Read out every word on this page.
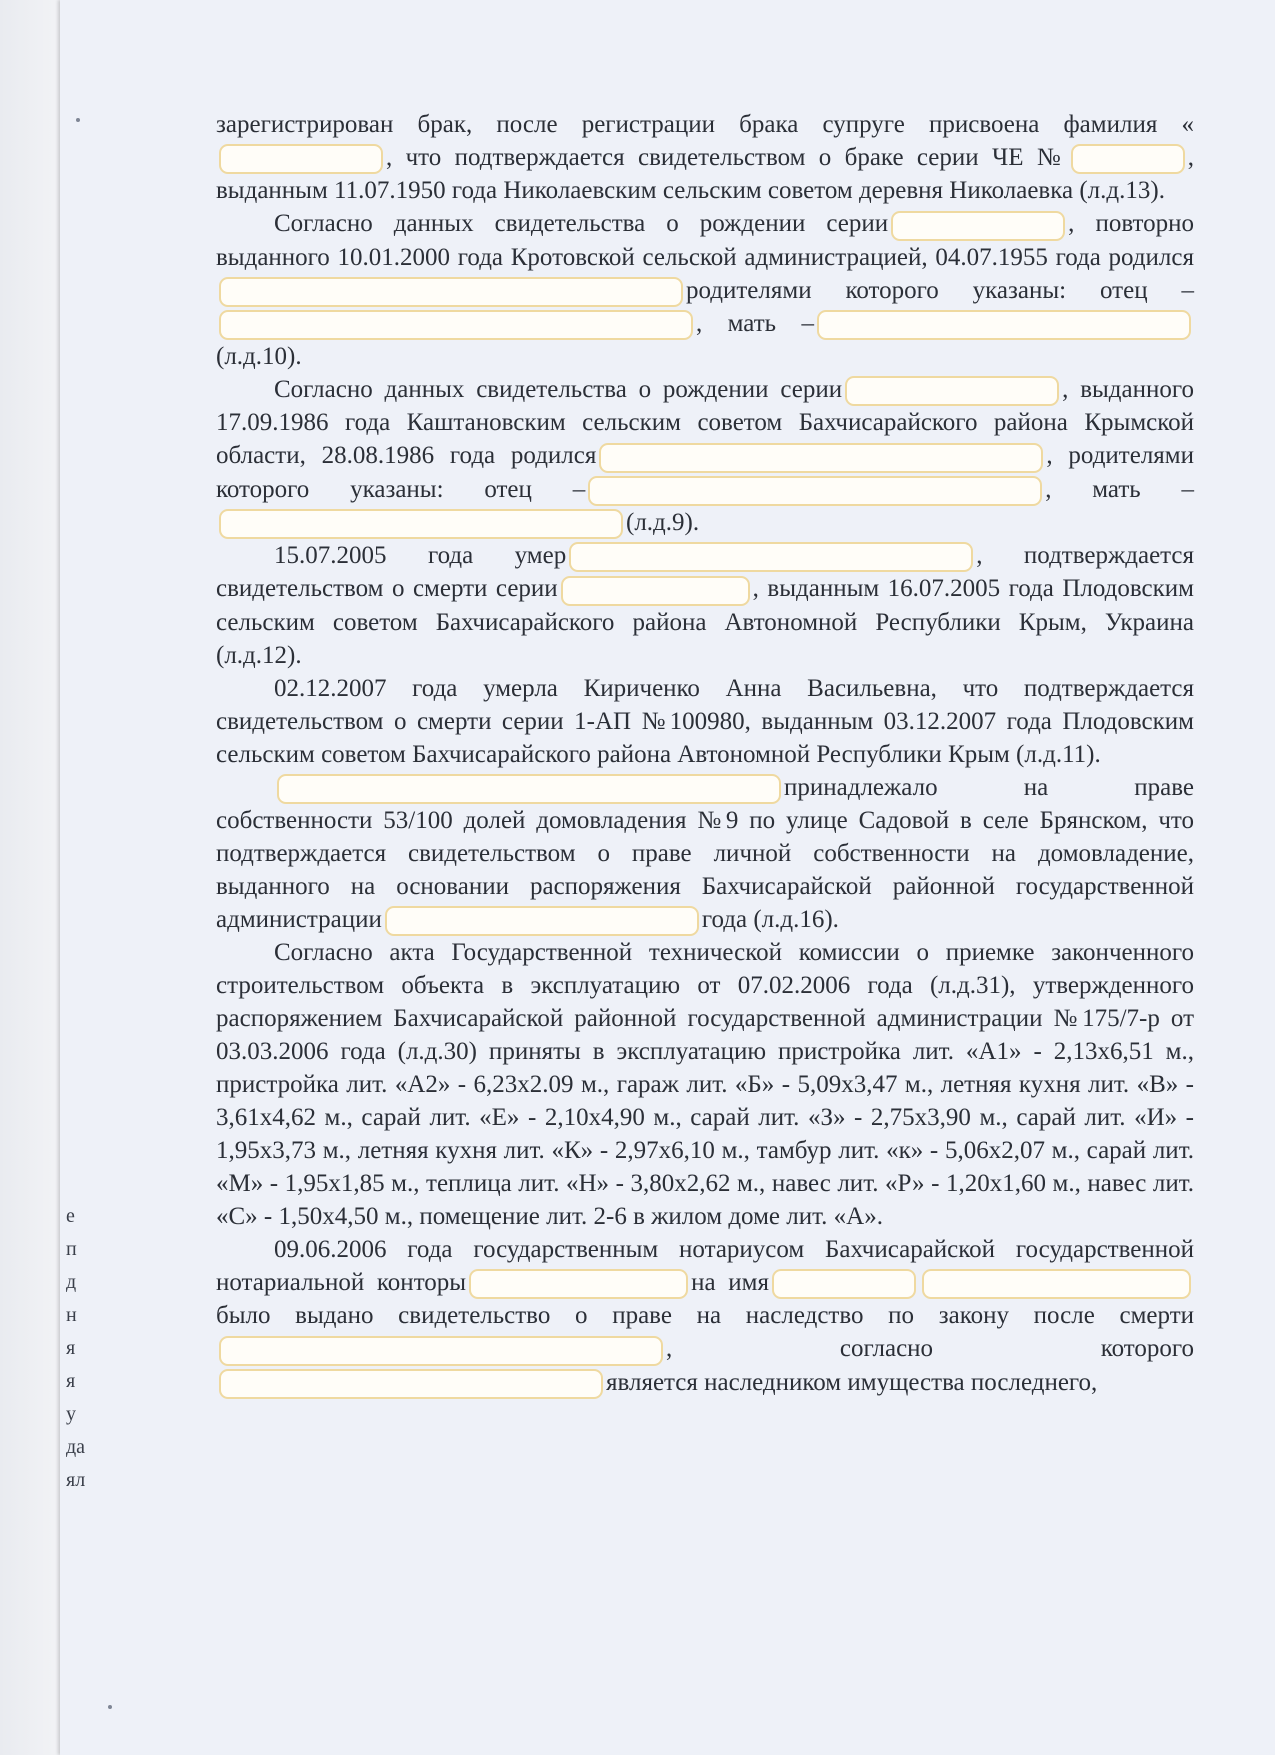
е
п
д
н
я
я
у
да
ял

зарегистрирован брак, после регистрации брака супруге присвоена фамилия «, что подтверждается свидетельством о браке серии ЧЕ №	, выданным 11.07.1950 года Николаевским сельским советом деревня Николаевка (л.д.13).

Согласно данных свидетельства о рождении серии	, повторно выданного 10.01.2000 года Кротовской сельской администрацией, 04.07.1955 года родилсяродителями которого указаны: отец –, мать –(л.д.10).

Согласно данных свидетельства о рождении серии	, выданного 17.09.1986 года Каштановским сельским советом Бахчисарайского района Крымской области, 28.08.1986 года родился	, родителями которого указаны: отец –	, мать –(л.д.9).

15.07.2005 года умер	, подтверждается свидетельством о смерти серии	, выданным 16.07.2005 года Плодовским сельским советом Бахчисарайского района Автономной Республики Крым, Украина (л.д.12).

02.12.2007 года умерла Кириченко Анна Васильевна, что подтверждается свидетельством о смерти серии 1-АП №100980, выданным 03.12.2007 года Плодовским сельским советом Бахчисарайского района Автономной Республики Крым (л.д.11).

принадлежало на праве собственности 53/100 долей домовладения №9 по улице Садовой в селе Брянском, что подтверждается свидетельством о праве личной собственности на домовладение, выданного на основании распоряжения Бахчисарайской районной государственной администрации	года (л.д.16).

Согласно акта Государственной технической комиссии о приемке законченного строительством объекта в эксплуатацию от 07.02.2006 года (л.д.31), утвержденного распоряжением Бахчисарайской районной государственной администрации №175/7-р от 03.03.2006 года (л.д.30) приняты в эксплуатацию пристройка лит. «А1» - 2,13х6,51 м., пристройка лит. «А2» - 6,23х2.09 м., гараж лит. «Б» - 5,09х3,47 м., летняя кухня лит. «В» - 3,61х4,62 м., сарай лит. «Е» - 2,10х4,90 м., сарай лит. «З» - 2,75х3,90 м., сарай лит. «И» - 1,95х3,73 м., летняя кухня лит. «К» - 2,97х6,10 м., тамбур лит. «к» - 5,06х2,07 м., сарай лит. «М» - 1,95х1,85 м., теплица лит. «Н» - 3,80х2,62 м., навес лит. «Р» - 1,20х1,60 м., навес лит. «С» - 1,50х4,50 м., помещение лит. 2-6 в жилом доме лит. «А».

09.06.2006 года государственным нотариусом Бахчисарайской государственной нотариальной конторы	на имябыло выдано свидетельство о праве на наследство по закону после смерти, согласно которогоявляется наследником имущества последнего,
